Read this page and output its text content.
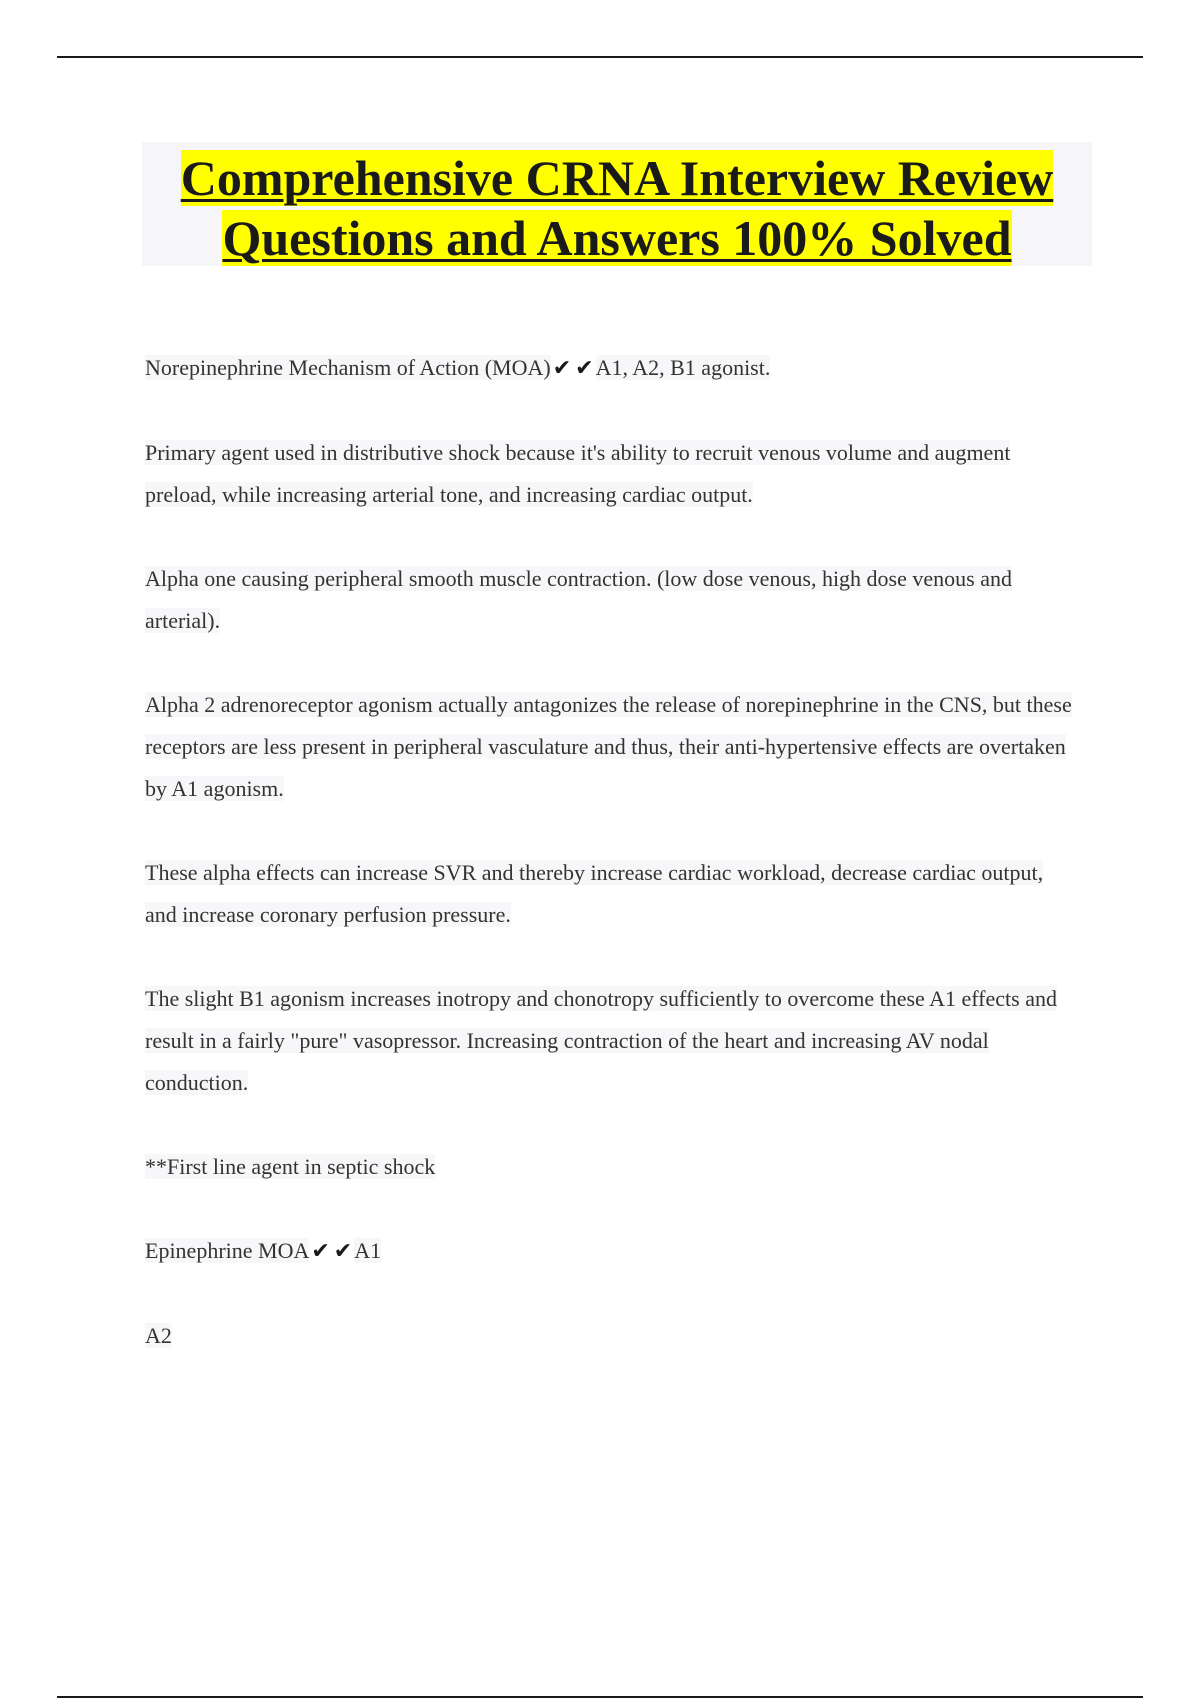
Comprehensive CRNA Interview Review
Questions and Answers 100% Solved

Norepinephrine Mechanism of Action (MOA)✔ ✔A1, A2, B1 agonist.

Primary agent used in distributive shock because it's ability to recruit venous volume and augment preload, while increasing arterial tone, and increasing cardiac output.

Alpha one causing peripheral smooth muscle contraction. (low dose venous, high dose venous and arterial).

Alpha 2 adrenoreceptor agonism actually antagonizes the release of norepinephrine in the CNS, but these receptors are less present in peripheral vasculature and thus, their anti-hypertensive effects are overtaken by A1 agonism.

These alpha effects can increase SVR and thereby increase cardiac workload, decrease cardiac output, and increase coronary perfusion pressure.

The slight B1 agonism increases inotropy and chonotropy sufficiently to overcome these A1 effects and result in a fairly "pure" vasopressor. Increasing contraction of the heart and increasing AV nodal conduction.

**First line agent in septic shock

Epinephrine MOA✔ ✔A1

A2
